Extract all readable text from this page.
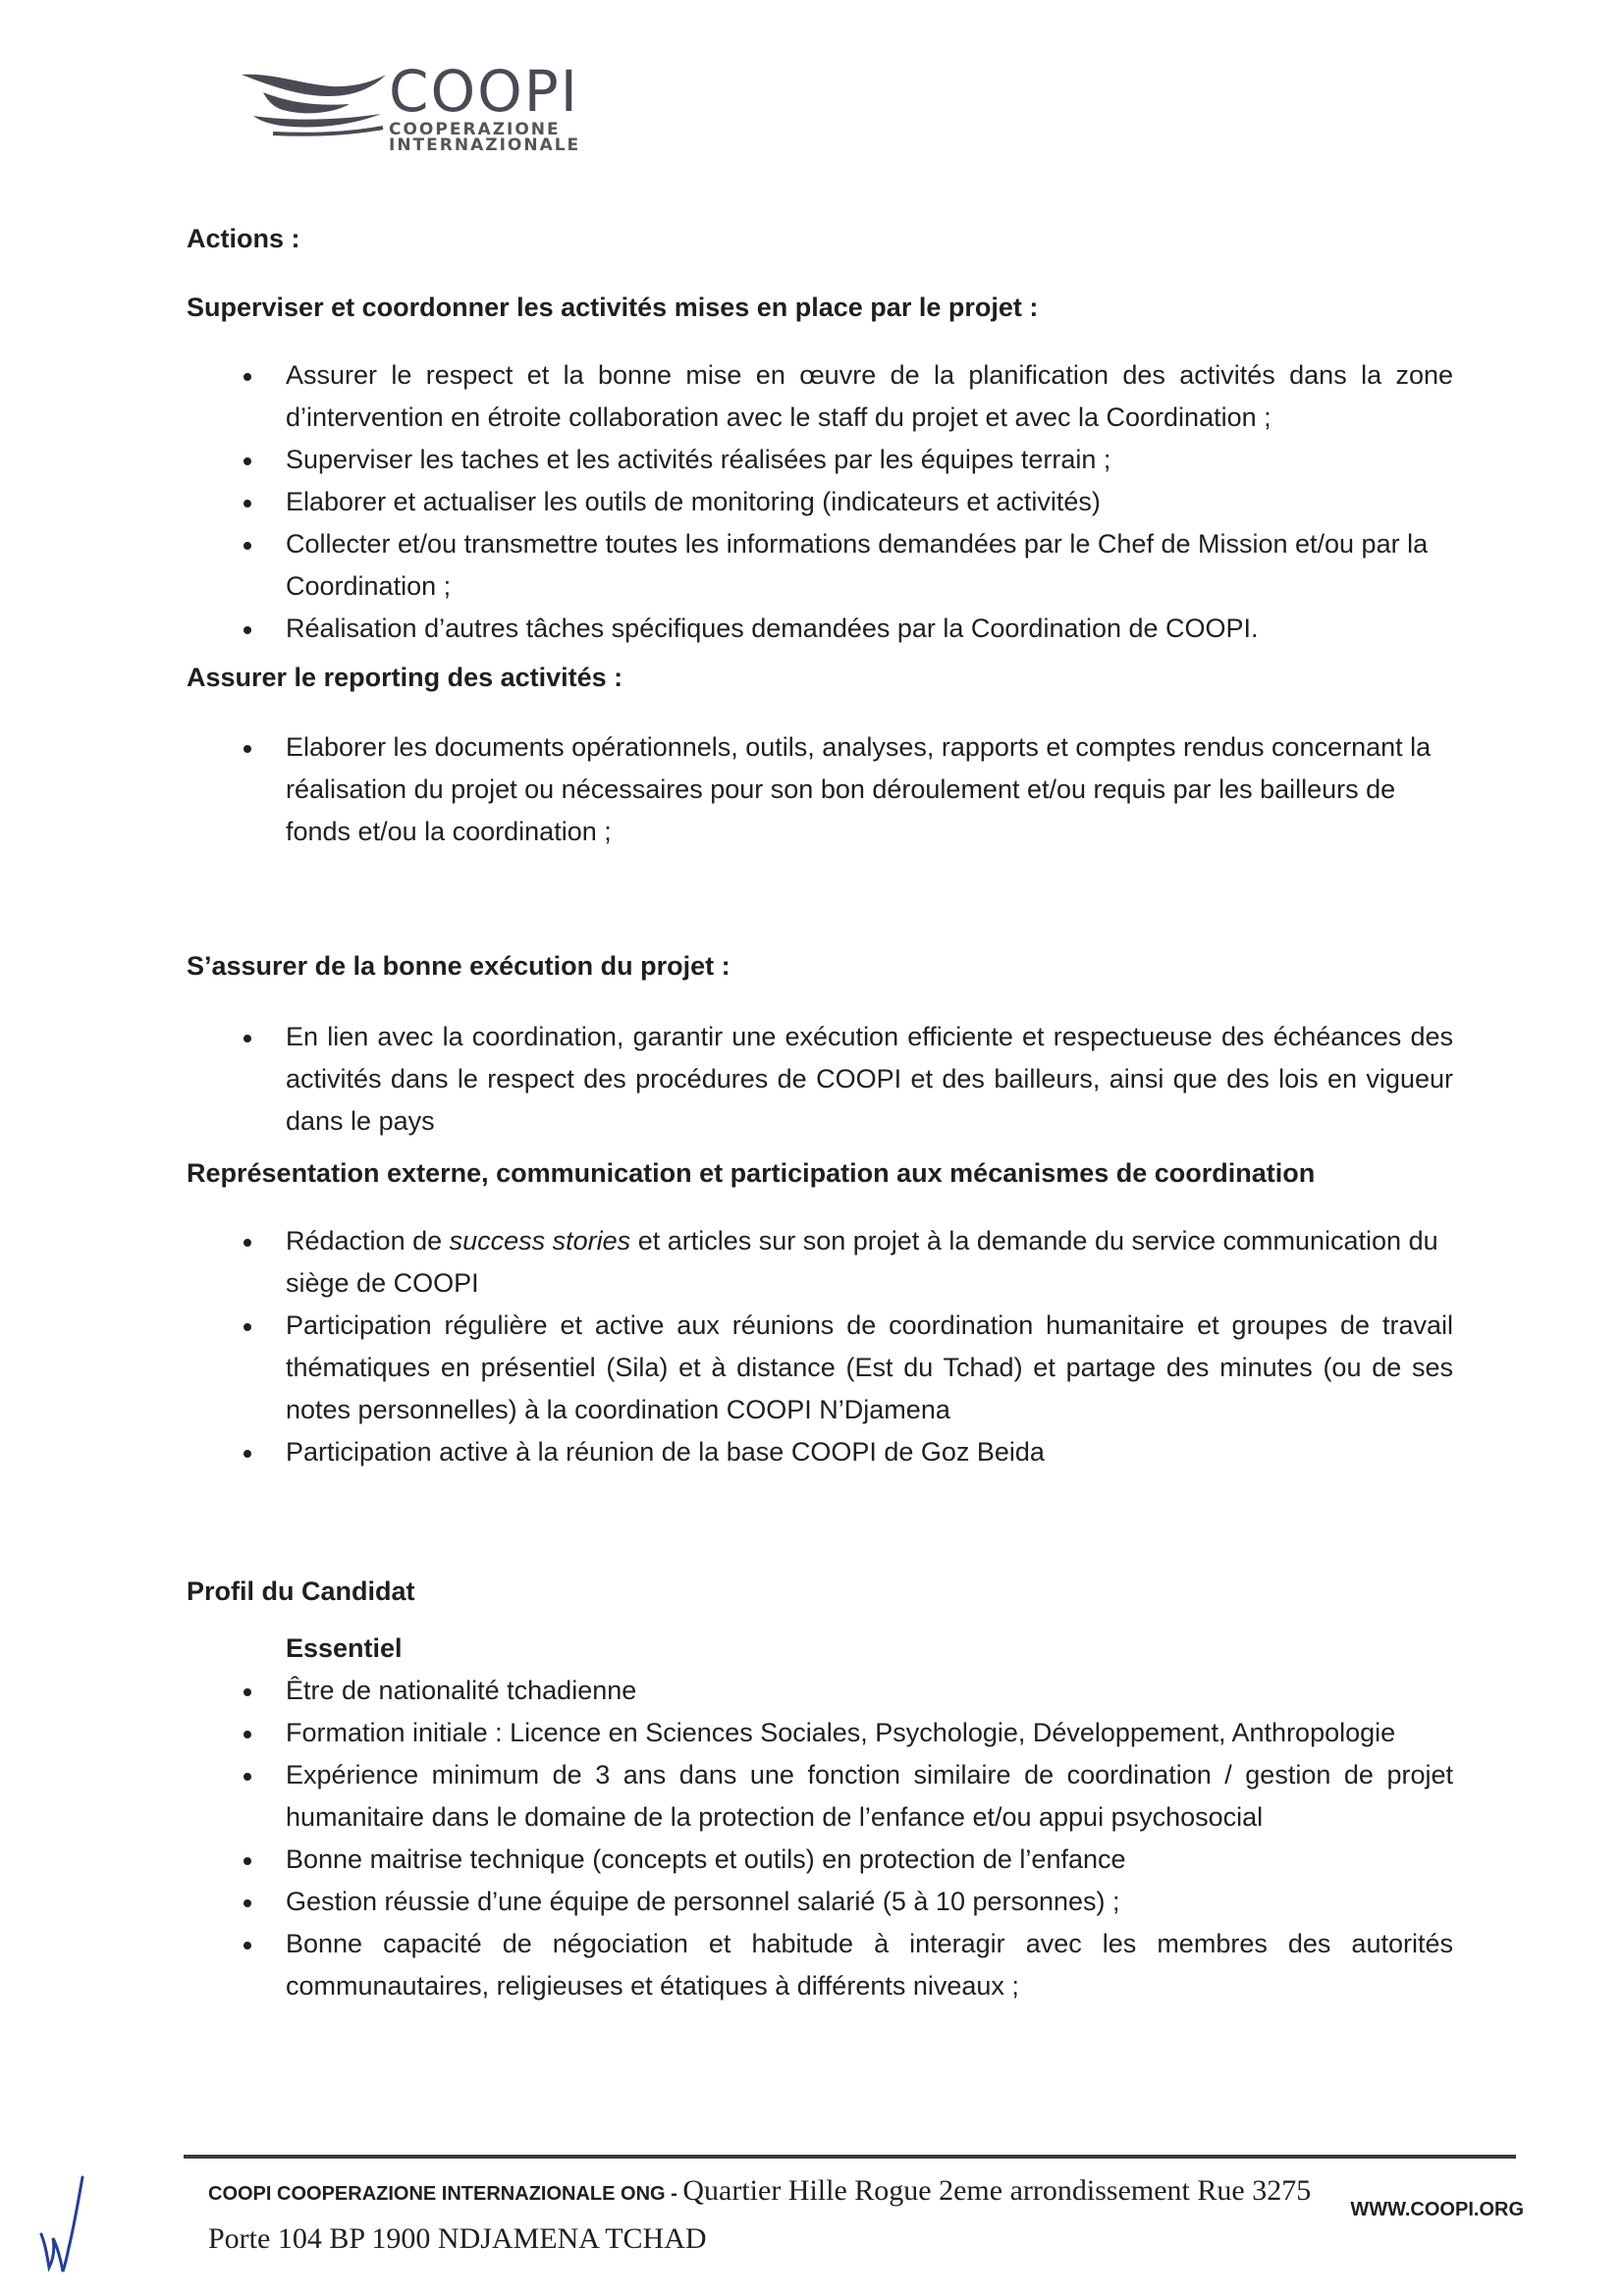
COOPI
COOPERAZIONE
INTERNAZIONALE

Actions :

Superviser et coordonner les activités mises en place par le projet :

Assurer le respect et la bonne mise en œuvre de la planification des activités dans la zone d’intervention en étroite collaboration avec le staff du projet et avec la Coordination ;
Superviser les taches et les activités réalisées par les équipes terrain ;
Elaborer et actualiser les outils de monitoring (indicateurs et activités)
Collecter et/ou transmettre toutes les informations demandées par le Chef de Mission et/ou par la Coordination ;
Réalisation d’autres tâches spécifiques demandées par la Coordination de COOPI.

Assurer le reporting des activités :

Elaborer les documents opérationnels, outils, analyses, rapports et comptes rendus concernant la réalisation du projet ou nécessaires pour son bon déroulement et/ou requis par les bailleurs de fonds et/ou la coordination ;

S’assurer de la bonne exécution du projet :

En lien avec la coordination, garantir une exécution efficiente et respectueuse des échéances des activités dans le respect des procédures de COOPI et des bailleurs, ainsi que des lois en vigueur dans le pays

Représentation externe, communication et participation aux mécanismes de coordination

Rédaction de success stories et articles sur son projet à la demande du service communication du siège de COOPI
Participation régulière et active aux réunions de coordination humanitaire et groupes de travail thématiques en présentiel (Sila) et à distance (Est du Tchad) et partage des minutes (ou de ses notes personnelles) à la coordination COOPI N’Djamena
Participation active à la réunion de la base COOPI de Goz Beida

Profil du Candidat

Essentiel

Être de nationalité tchadienne
Formation initiale : Licence en Sciences Sociales, Psychologie, Développement, Anthropologie
Expérience minimum de 3 ans dans une fonction similaire de coordination / gestion de projet humanitaire dans le domaine de la protection de l’enfance et/ou appui psychosocial
Bonne maitrise technique (concepts et outils) en protection de l’enfance
Gestion réussie d’une équipe de personnel salarié (5 à 10 personnes) ;
Bonne capacité de négociation et habitude à interagir avec les membres des autorités communautaires, religieuses et étatiques à différents niveaux ;
COOPI COOPERAZIONE INTERNAZIONALE ONG - Quartier Hille Rogue 2eme arrondissement Rue 3275
WWW.COOPI.ORG
Porte 104 BP 1900 NDJAMENA TCHAD
